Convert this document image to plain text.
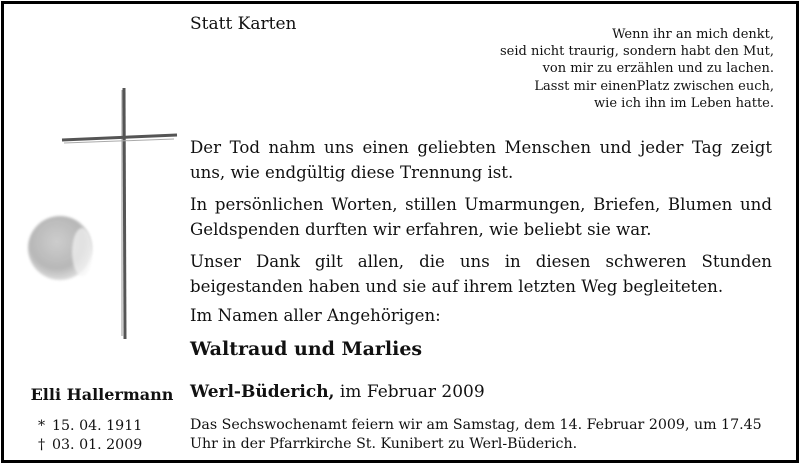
Statt Karten
Wenn ihr an mich denkt,
seid nicht traurig, sondern habt den Mut,
von mir zu erzählen und zu lachen.
Lasst mir einenPlatz zwischen euch,
wie ich ihn im Leben hatte.

Der Tod nahm uns einen geliebten Menschen und jeder Tag zeigt uns, wie endgültig diese Trennung ist.

In persönlichen Worten, stillen Umarmungen, Briefen, Blumen und Geldspenden durften wir erfahren, wie beliebt sie war.

Unser Dank gilt allen, die uns in diesen schweren Stunden beigestanden haben und sie auf ihrem letzten Weg begleiteten.

Im Namen aller Angehörigen:
Waltraud und Marlies
Werl-Büderich, im Februar 2009
Das Sechswochenamt feiern wir am Samstag, dem 14. Februar 2009, um 17.45 Uhr in der Pfarrkirche St. Kunibert zu Werl-Büderich.
Elli Hallermann
* 15. 04. 1911
† 03. 01. 2009
